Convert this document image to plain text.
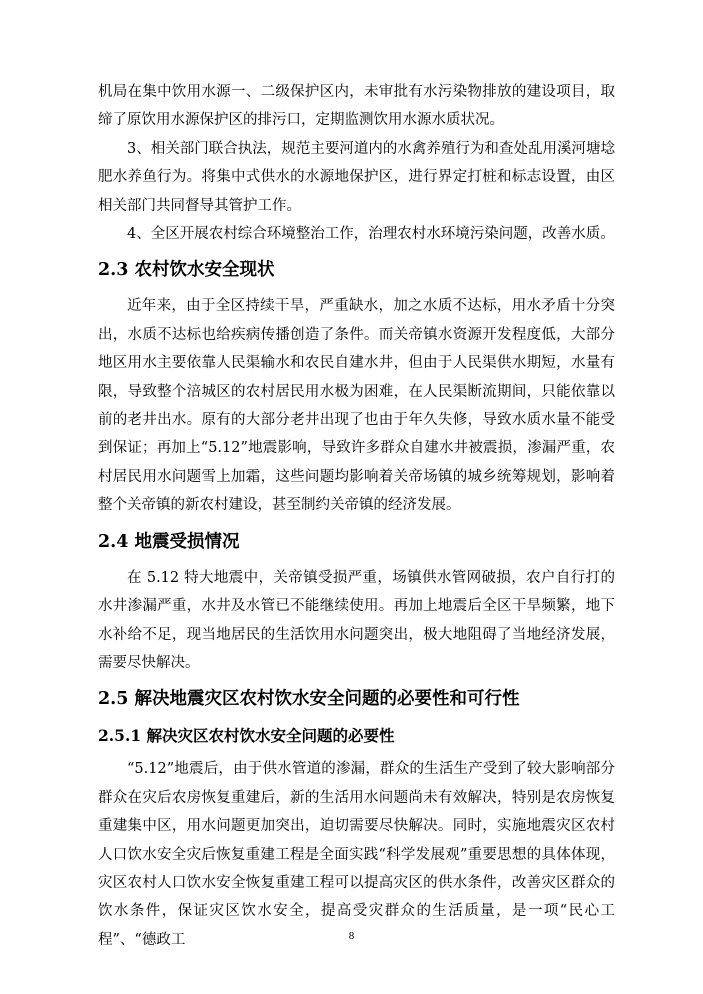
机局在集中饮用水源一、二级保护区内，未审批有水污染物排放的建设项目，取缔了原饮用水源保护区的排污口，定期监测饮用水源水质状况。

3、相关部门联合执法，规范主要河道内的水禽养殖行为和查处乱用溪河塘埝肥水养鱼行为。将集中式供水的水源地保护区，进行界定打桩和标志设置，由区相关部门共同督导其管护工作。

4、全区开展农村综合环境整治工作，治理农村水环境污染问题，改善水质。

2.3 农村饮水安全现状

近年来，由于全区持续干旱，严重缺水，加之水质不达标，用水矛盾十分突出，水质不达标也给疾病传播创造了条件。而关帝镇水资源开发程度低，大部分地区用水主要依靠人民渠输水和农民自建水井，但由于人民渠供水期短，水量有限，导致整个涪城区的农村居民用水极为困难，在人民渠断流期间，只能依靠以前的老井出水。原有的大部分老井出现了也由于年久失修，导致水质水量不能受到保证；再加上“5.12”地震影响，导致许多群众自建水井被震损，渗漏严重，农村居民用水问题雪上加霜，这些问题均影响着关帝场镇的城乡统筹规划，影响着整个关帝镇的新农村建设，甚至制约关帝镇的经济发展。

2.4 地震受损情况

在 5.12 特大地震中，关帝镇受损严重，场镇供水管网破损，农户自行打的水井渗漏严重，水井及水管已不能继续使用。再加上地震后全区干旱频繁，地下水补给不足，现当地居民的生活饮用水问题突出，极大地阻碍了当地经济发展，需要尽快解决。

2.5 解决地震灾区农村饮水安全问题的必要性和可行性
2.5.1 解决灾区农村饮水安全问题的必要性

“5.12”地震后，由于供水管道的渗漏，群众的生活生产受到了较大影响部分群众在灾后农房恢复重建后，新的生活用水问题尚未有效解决，特别是农房恢复重建集中区，用水问题更加突出，迫切需要尽快解决。同时，实施地震灾区农村人口饮水安全灾后恢复重建工程是全面实践“科学发展观”重要思想的具体体现，灾区农村人口饮水安全恢复重建工程可以提高灾区的供水条件，改善灾区群众的饮水条件，保证灾区饮水安全，提高受灾群众的生活质量，是一项“民心工程”、“德政工	8
